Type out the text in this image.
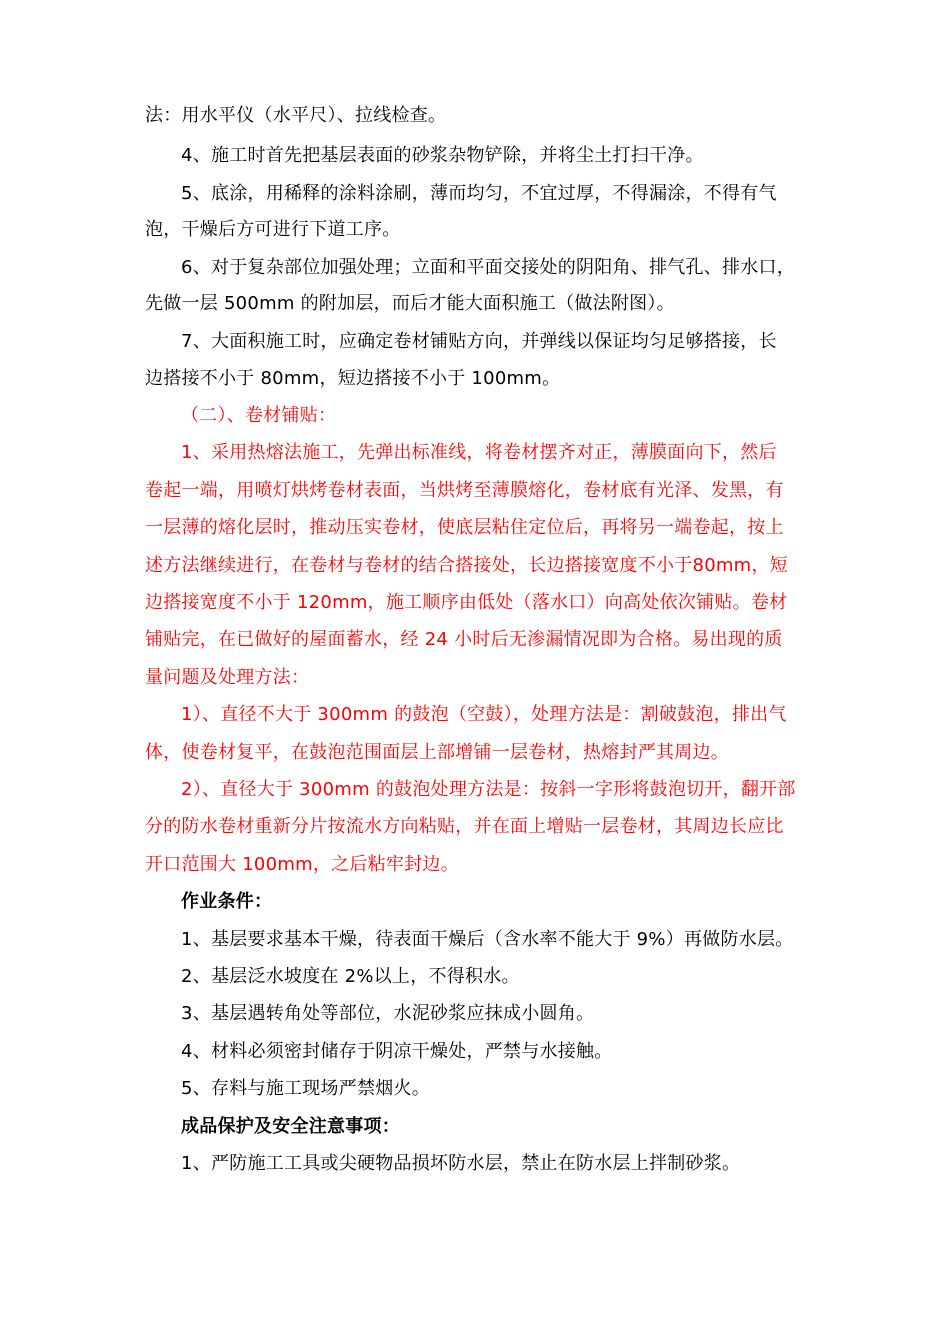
法：用水平仪（水平尺）、拉线检查。
4、施工时首先把基层表面的砂浆杂物铲除，并将尘土打扫干净。
5、底涂，用稀释的涂料涂刷，薄而均匀，不宜过厚，不得漏涂，不得有气
泡，干燥后方可进行下道工序。
6、对于复杂部位加强处理；立面和平面交接处的阴阳角、排气孔、排水口，
先做一层 500mm 的附加层，而后才能大面积施工（做法附图）。
7、大面积施工时，应确定卷材铺贴方向，并弹线以保证均匀足够搭接，长
边搭接不小于 80mm，短边搭接不小于 100mm。
（二）、卷材铺贴：
1、采用热熔法施工，先弹出标准线，将卷材摆齐对正，薄膜面向下，然后
卷起一端，用喷灯烘烤卷材表面，当烘烤至薄膜熔化，卷材底有光泽、发黑，有
一层薄的熔化层时，推动压实卷材，使底层粘住定位后，再将另一端卷起，按上
述方法继续进行，在卷材与卷材的结合搭接处，长边搭接宽度不小于80mm，短
边搭接宽度不小于 120mm，施工顺序由低处（落水口）向高处依次铺贴。卷材
铺贴完，在已做好的屋面蓄水，经 24 小时后无渗漏情况即为合格。易出现的质
量问题及处理方法：
1）、直径不大于 300mm 的鼓泡（空鼓），处理方法是：割破鼓泡，排出气
体，使卷材复平，在鼓泡范围面层上部增铺一层卷材，热熔封严其周边。
2）、直径大于 300mm 的鼓泡处理方法是：按斜一字形将鼓泡切开，翻开部
分的防水卷材重新分片按流水方向粘贴，并在面上增贴一层卷材，其周边长应比
开口范围大 100mm，之后粘牢封边。
作业条件：
1、基层要求基本干燥，待表面干燥后（含水率不能大于 9%）再做防水层。
2、基层泛水坡度在 2%以上，不得积水。
3、基层遇转角处等部位，水泥砂浆应抹成小圆角。
4、材料必须密封储存于阴凉干燥处，严禁与水接触。
5、存料与施工现场严禁烟火。
成品保护及安全注意事项：
1、严防施工工具或尖硬物品损坏防水层，禁止在防水层上拌制砂浆。
